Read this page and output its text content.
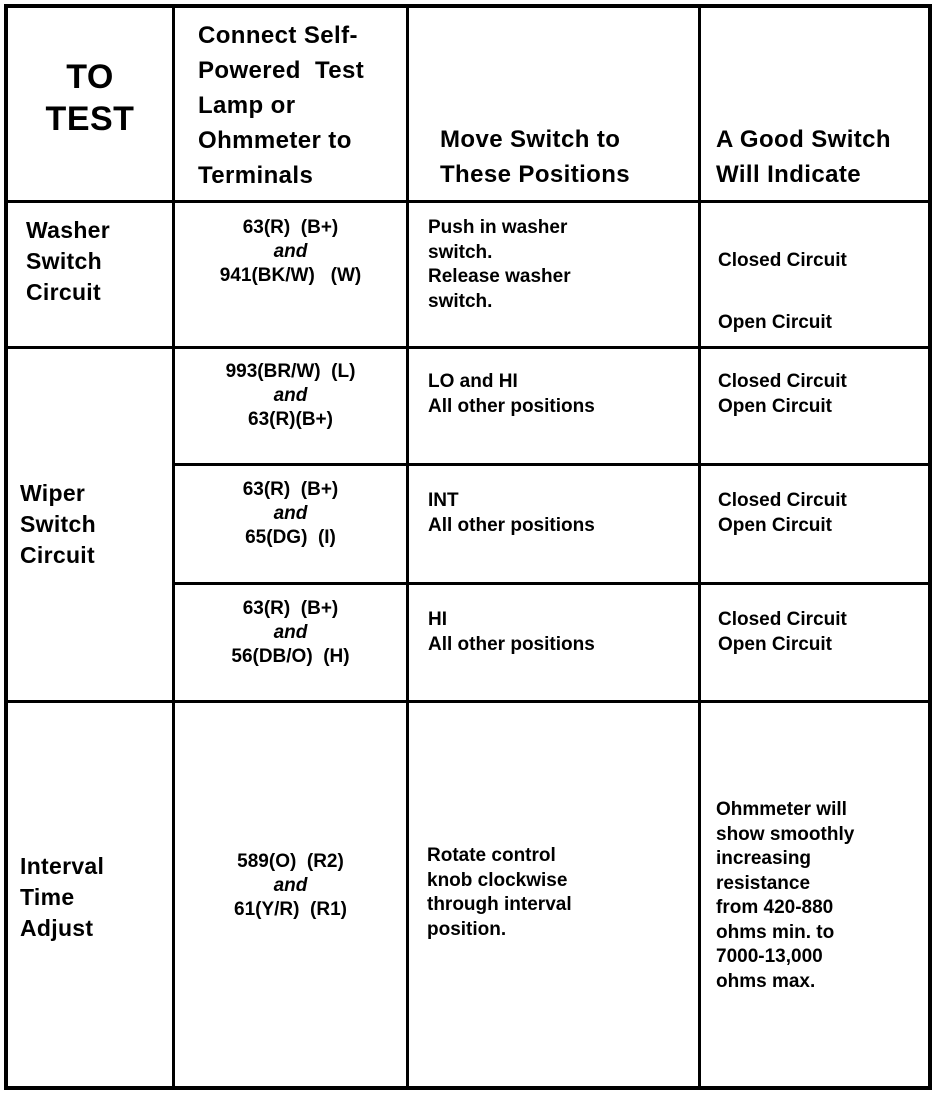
TO
TEST
Connect Self-
Powered  Test
Lamp or
Ohmmeter to
Terminals
Move Switch to
These Positions
A Good Switch
Will Indicate
Washer
Switch
Circuit
63(R)  (B+)
and
941(BK/W)   (W)
Push in washer
switch.
Release washer
switch.
Closed Circuit
Open Circuit
Wiper
Switch
Circuit
993(BR/W)  (L)
and
63(R)(B+)
LO and HI
All other positions
Closed Circuit
Open Circuit
63(R)  (B+)
and
65(DG)  (I)
INT
All other positions
Closed Circuit
Open Circuit
63(R)  (B+)
and
56(DB/O)  (H)
HI
All other positions
Closed Circuit
Open Circuit
Interval
Time
Adjust
589(O)  (R2)
and
61(Y/R)  (R1)
Rotate control
knob clockwise
through interval
position.
Ohmmeter will
show smoothly
increasing
resistance
from 420-880
ohms min. to
7000-13,000
ohms max.
